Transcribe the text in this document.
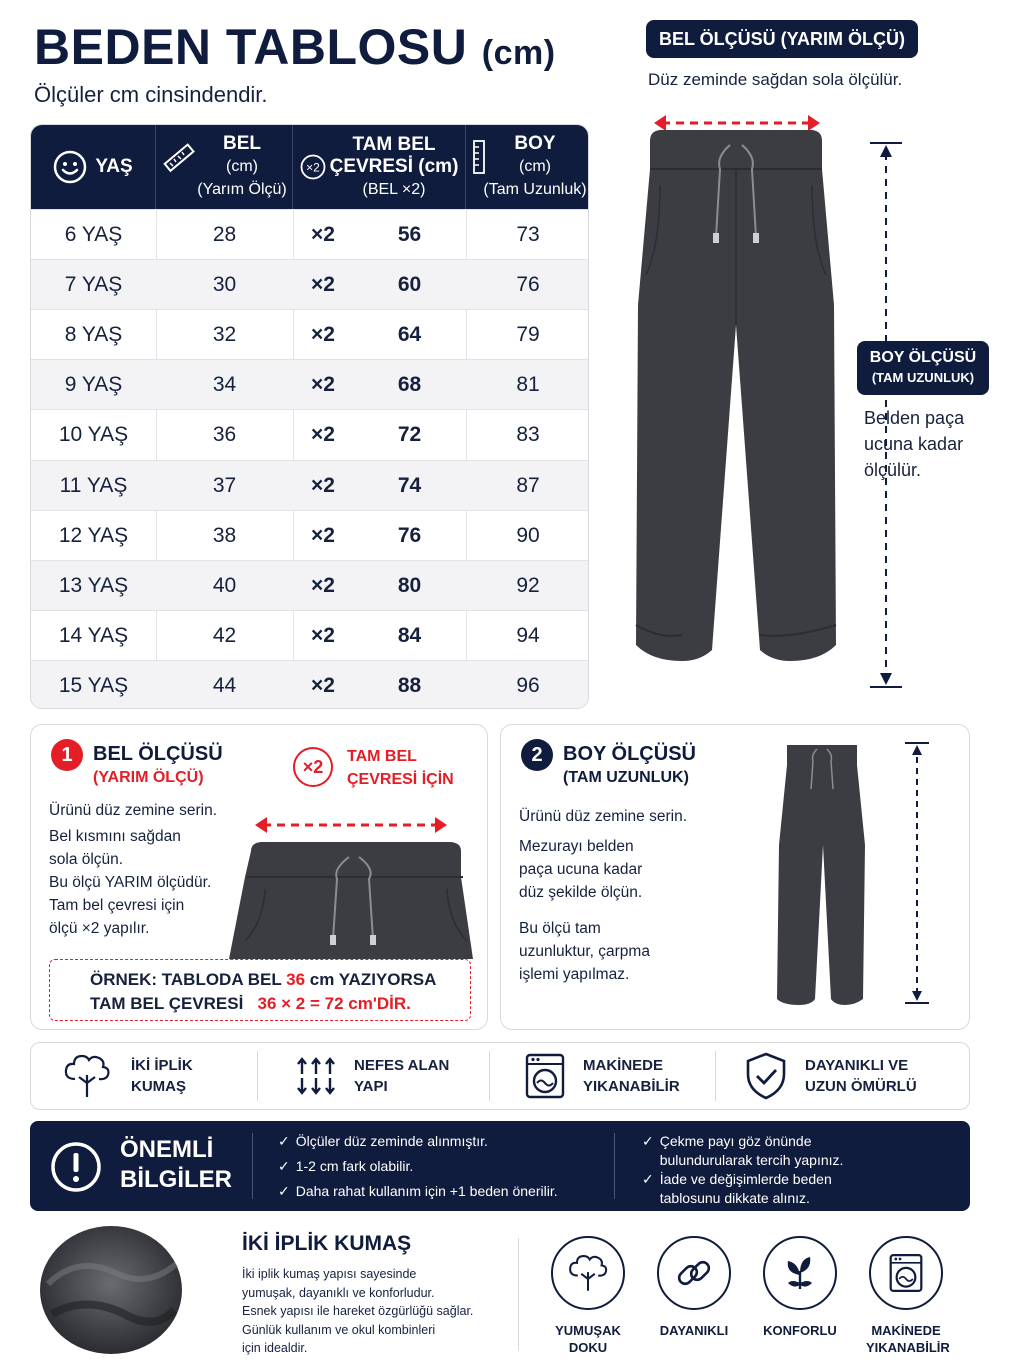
BEDEN TABLOSU (cm)
Ölçüler cm cinsindendir.
YAŞ
BEL
(cm)
(Yarım Ölçü)
×2
TAM BEL
ÇEVRESİ (cm)
(BEL ×2)
BOY
(cm)
(Tam Uzunluk)
6 YAŞ	28	×2	56	73
7 YAŞ	30	×2	60	76
8 YAŞ	32	×2	64	79
9 YAŞ	34	×2	68	81
10 YAŞ	36	×2	72	83
11 YAŞ	37	×2	74	87
12 YAŞ	38	×2	76	90
13 YAŞ	40	×2	80	92
14 YAŞ	42	×2	84	94
15 YAŞ	44	×2	88	96
BEL ÖLÇÜSÜ (YARIM ÖLÇÜ)
Düz zeminde sağdan sola ölçülür.
BOY ÖLÇÜSÜ
(TAM UZUNLUK)
Belden paça ucuna kadar ölçülür.
1	BEL ÖLÇÜSÜ
(YARIM ÖLÇÜ)
×2	TAM BEL
ÇEVRESİ İÇİN
Ürünü düz zemine serin.
Bel kısmını sağdan
sola ölçün.
Bu ölçü YARIM ölçüdür.
Tam bel çevresi için
ölçü ×2 yapılır.
ÖRNEK: TABLODA BEL 36 cm YAZIYORSA
TAM BEL ÇEVRESİ 36 × 2 = 72 cm'DİR.
2	BOY ÖLÇÜSÜ
(TAM UZUNLUK)
Ürünü düz zemine serin.
Mezurayı belden
paça ucuna kadar
düz şekilde ölçün.
Bu ölçü tam
uzunluktur, çarpma
işlemi yapılmaz.
İKİ İPLİK
KUMAŞ
NEFES ALAN
YAPI
MAKİNEDE
YIKANABİLİR
DAYANIKLI VE
UZUN ÖMÜRLÜ
ÖNEMLİ
BİLGİLER
✓ Ölçüler düz zeminde alınmıştır.
✓ 1-2 cm fark olabilir.
✓ Daha rahat kullanım için +1 beden önerilir.
✓ Çekme payı göz önünde
bulundurularak tercih yapınız.
✓ İade ve değişimlerde beden
tablosunu dikkate alınız.
İKİ İPLİK KUMAŞ
İki iplik kumaş yapısı sayesinde
yumuşak, dayanıklı ve konforludur.
Esnek yapısı ile hareket özgürlüğü sağlar.
Günlük kullanım ve okul kombinleri
için idealdir.
YUMUŞAK
DOKU
DAYANIKLI	KONFORLU	MAKİNEDE
YIKANABİLİR
